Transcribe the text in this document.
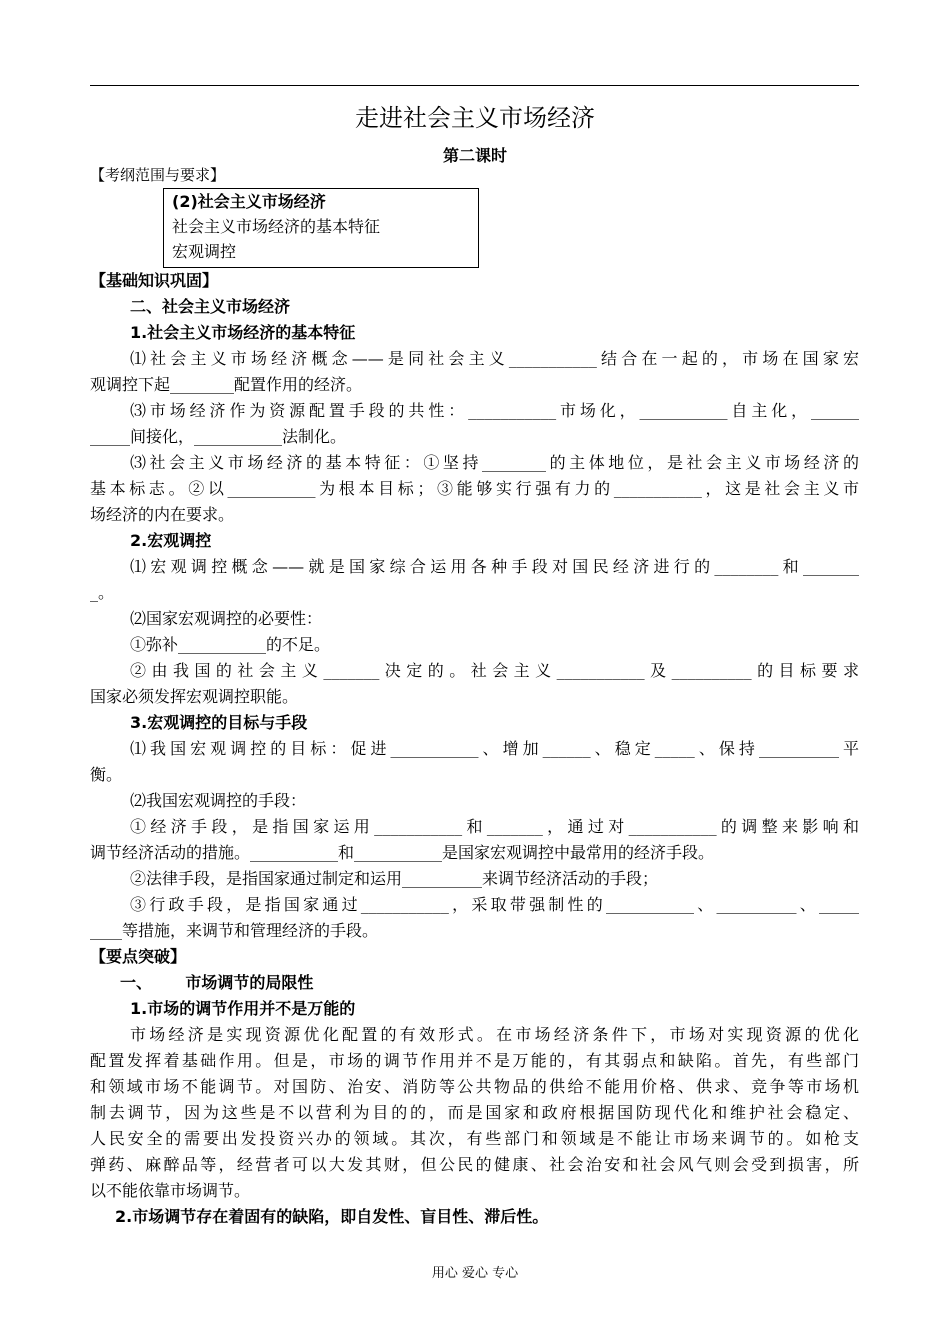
走进社会主义市场经济
第二课时
【考纲范围与要求】
(2)社会主义市场经济
社会主义市场经济的基本特征
宏观调控
【基础知识巩固】
二、社会主义市场经济
1.社会主义市场经济的基本特征
⑴社会主义市场经济概念——是同社会主义___________结合在一起的，市场在国家宏
观调控下起________配置作用的经济。
⑶市场经济作为资源配置手段的共性：___________市场化，___________自主化，______
_____间接化，___________法制化。
⑶社会主义市场经济的基本特征：①坚持________的主体地位，是社会主义市场经济的
基本标志。②以___________为根本目标；③能够实行强有力的___________，这是社会主义市
场经济的内在要求。
2.宏观调控
⑴宏观调控概念——就是国家综合运用各种手段对国民经济进行的________和_______
_。
⑵国家宏观调控的必要性：
①弥补___________的不足。
②由我国的社会主义_______决定的。社会主义___________及__________的目标要求
国家必须发挥宏观调控职能。
3.宏观调控的目标与手段
⑴我国宏观调控的目标：促进___________、增加______、稳定_____、保持__________平
衡。
⑵我国宏观调控的手段：
①经济手段，是指国家运用___________和_______，通过对___________的调整来影响和
调节经济活动的措施。___________和___________是国家宏观调控中最常用的经济手段。
②法律手段，是指国家通过制定和运用__________来调节经济活动的手段；
③行政手段，是指国家通过___________，采取带强制性的___________、__________、_____
____等措施，来调节和管理经济的手段。
【要点突破】
一、      市场调节的局限性
1.市场的调节作用并不是万能的
市场经济是实现资源优化配置的有效形式。在市场经济条件下，市场对实现资源的优化
配置发挥着基础作用。但是，市场的调节作用并不是万能的，有其弱点和缺陷。首先，有些部门
和领域市场不能调节。对国防、治安、消防等公共物品的供给不能用价格、供求、竞争等市场机
制去调节，因为这些是不以营利为目的的，而是国家和政府根据国防现代化和维护社会稳定、
人民安全的需要出发投资兴办的领域。其次，有些部门和领域是不能让市场来调节的。如枪支
弹药、麻醉品等，经营者可以大发其财，但公民的健康、社会治安和社会风气则会受到损害，所
以不能依靠市场调节。
2.市场调节存在着固有的缺陷，即自发性、盲目性、滞后性。
用心 爱心 专心
